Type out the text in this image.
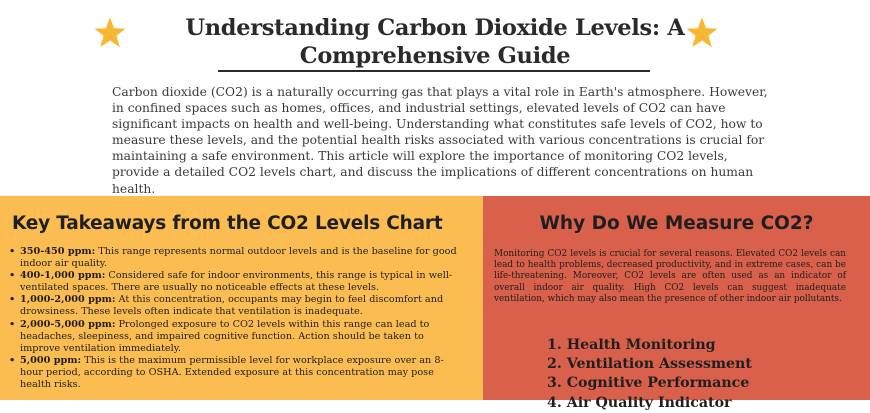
Understanding Carbon Dioxide Levels: A
Comprehensive Guide

Carbon dioxide (CO2) is a naturally occurring gas that plays a vital role in Earth's atmosphere. However, in confined spaces such as homes, offices, and industrial settings, elevated levels of CO2 can have significant impacts on health and well-being. Understanding what constitutes safe levels of CO2, how to measure these levels, and the potential health risks associated with various concentrations is crucial for maintaining a safe environment. This article will explore the importance of monitoring CO2 levels, provide a detailed CO2 levels chart, and discuss the implications of different concentrations on human health.

Key Takeaways from the CO2 Levels Chart
• 350-450 ppm: This range represents normal outdoor levels and is the baseline for good indoor air quality.
• 400-1,000 ppm: Considered safe for indoor environments, this range is typical in well-ventilated spaces. There are usually no noticeable effects at these levels.
• 1,000-2,000 ppm: At this concentration, occupants may begin to feel discomfort and drowsiness. These levels often indicate that ventilation is inadequate.
• 2,000-5,000 ppm: Prolonged exposure to CO2 levels within this range can lead to headaches, sleepiness, and impaired cognitive function. Action should be taken to improve ventilation immediately.
• 5,000 ppm: This is the maximum permissible level for workplace exposure over an 8-hour period, according to OSHA. Extended exposure at this concentration may pose health risks.
Why Do We Measure CO2?

Monitoring CO2 levels is crucial for several reasons. Elevated CO2 levels can lead to health problems, decreased productivity, and in extreme cases, can be life-threatening. Moreover, CO2 levels are often used as an indicator of overall indoor air quality. High CO2 levels can suggest inadequate ventilation, which may also mean the presence of other indoor air pollutants.

1. Health Monitoring
2. Ventilation Assessment
3. Cognitive Performance
4. Air Quality Indicator
